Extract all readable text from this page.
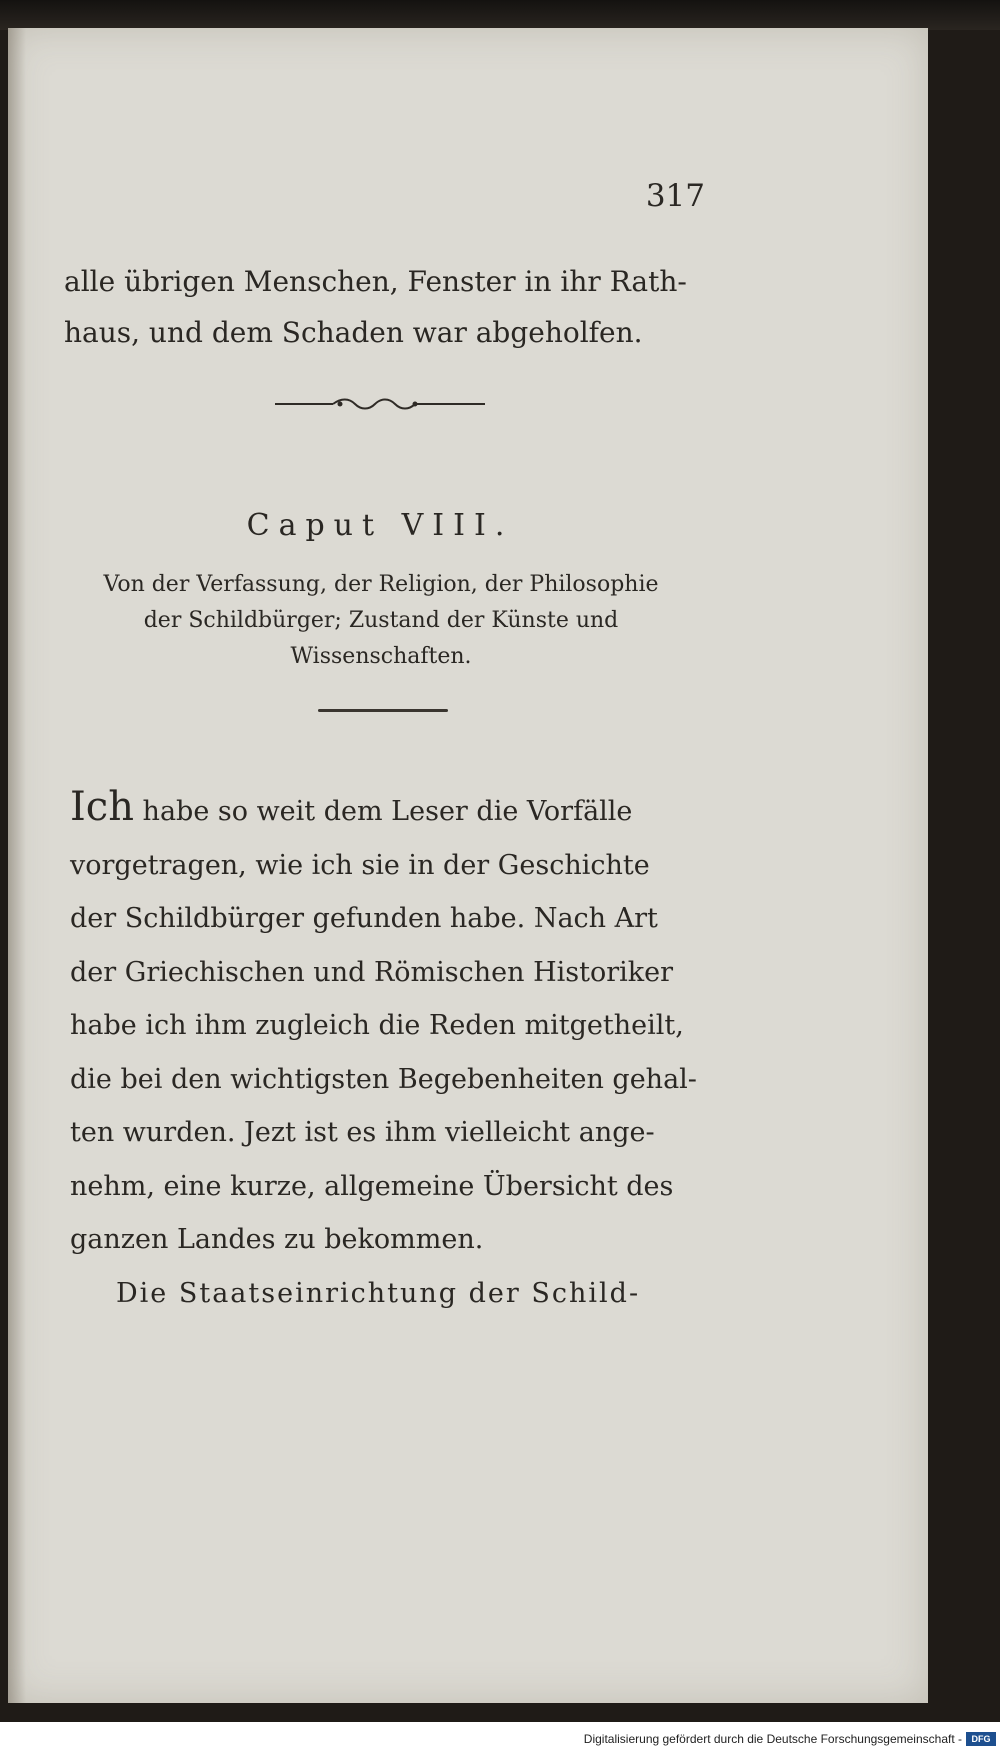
317
alle übrigen Menschen, Fenster in ihr Rath-
haus, und dem Schaden war abgeholfen.
Caput VIII.
Von der Verfassung, der Religion, der Philosophie
der Schildbürger; Zustand der Künste und
Wissenschaften.
Ich habe so weit dem Leser die Vorfälle
vorgetragen, wie ich sie in der Geschichte
der Schildbürger gefunden habe. Nach Art
der Griechischen und Römischen Historiker
habe ich ihm zugleich die Reden mitgetheilt,
die bei den wichtigsten Begebenheiten gehal-
ten wurden. Jezt ist es ihm vielleicht ange-
nehm, eine kurze, allgemeine Übersicht des
ganzen Landes zu bekommen.
Die Staatseinrichtung der Schild-
Digitalisierung gefördert durch die Deutsche Forschungsgemeinschaft -	DFG
